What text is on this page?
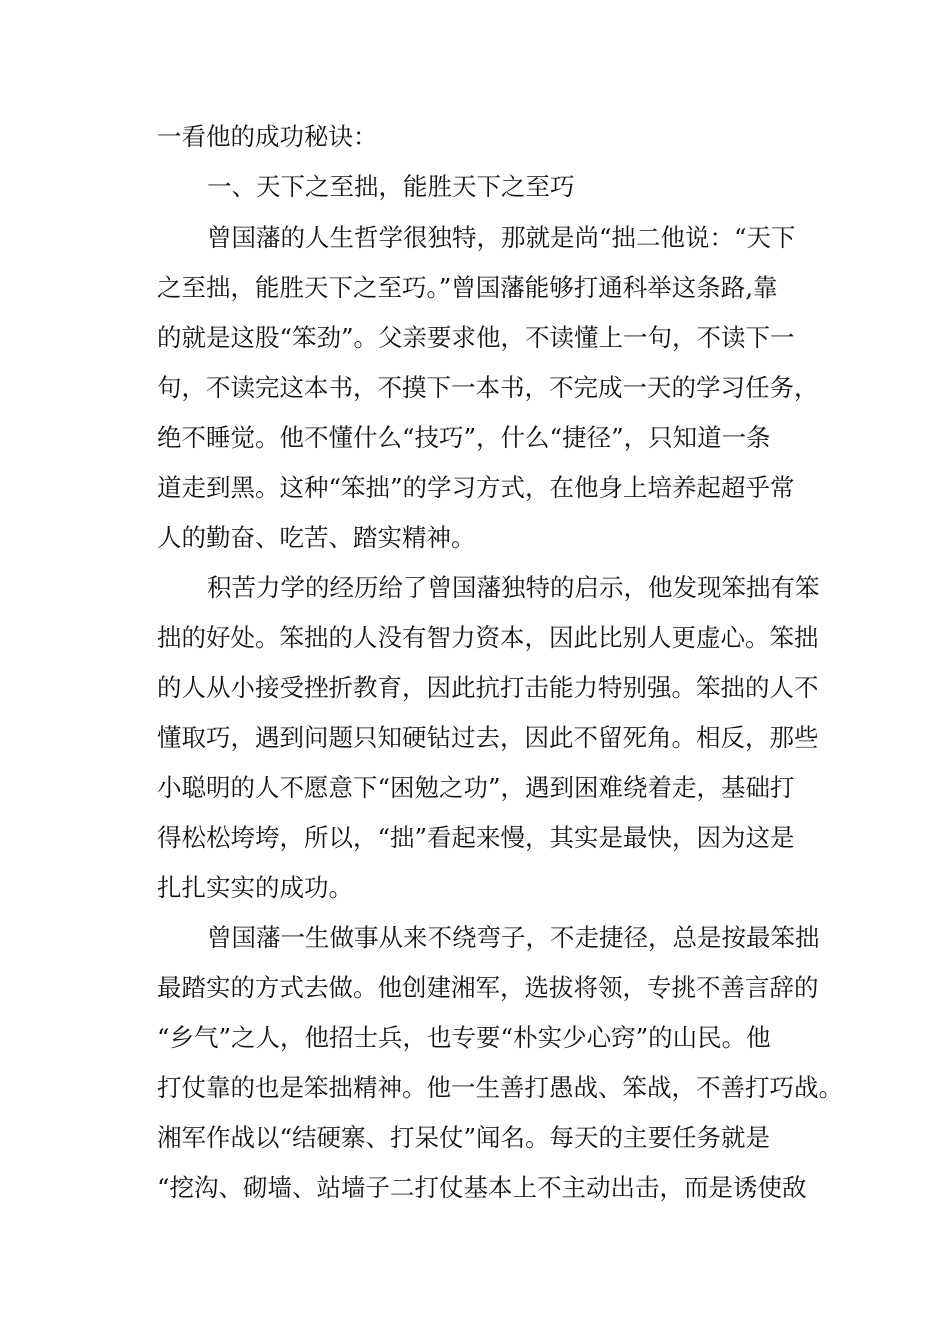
一看他的成功秘诀：

一、天下之至拙，能胜天下之至巧

曾国藩的人生哲学很独特，那就是尚“拙二他说：“天下

之至拙，能胜天下之至巧。”曾国藩能够打通科举这条路,靠

的就是这股“笨劲”。父亲要求他，不读懂上一句，不读下一

句，不读完这本书，不摸下一本书，不完成一天的学习任务，

绝不睡觉。他不懂什么“技巧”，什么“捷径”，只知道一条

道走到黑。这种“笨拙”的学习方式，在他身上培养起超乎常

人的勤奋、吃苦、踏实精神。

积苦力学的经历给了曾国藩独特的启示，他发现笨拙有笨

拙的好处。笨拙的人没有智力资本，因此比别人更虚心。笨拙

的人从小接受挫折教育，因此抗打击能力特别强。笨拙的人不

懂取巧，遇到问题只知硬钻过去，因此不留死角。相反，那些

小聪明的人不愿意下“困勉之功”，遇到困难绕着走，基础打

得松松垮垮，所以，“拙”看起来慢，其实是最快，因为这是

扎扎实实的成功。

曾国藩一生做事从来不绕弯子，不走捷径，总是按最笨拙

最踏实的方式去做。他创建湘军，选拔将领，专挑不善言辞的

“乡气”之人，他招士兵，也专要“朴实少心窍”的山民。他

打仗靠的也是笨拙精神。他一生善打愚战、笨战，不善打巧战。

湘军作战以“结硬寨、打呆仗”闻名。每天的主要任务就是

“挖沟、砌墙、站墙子二打仗基本上不主动出击，而是诱使敌
